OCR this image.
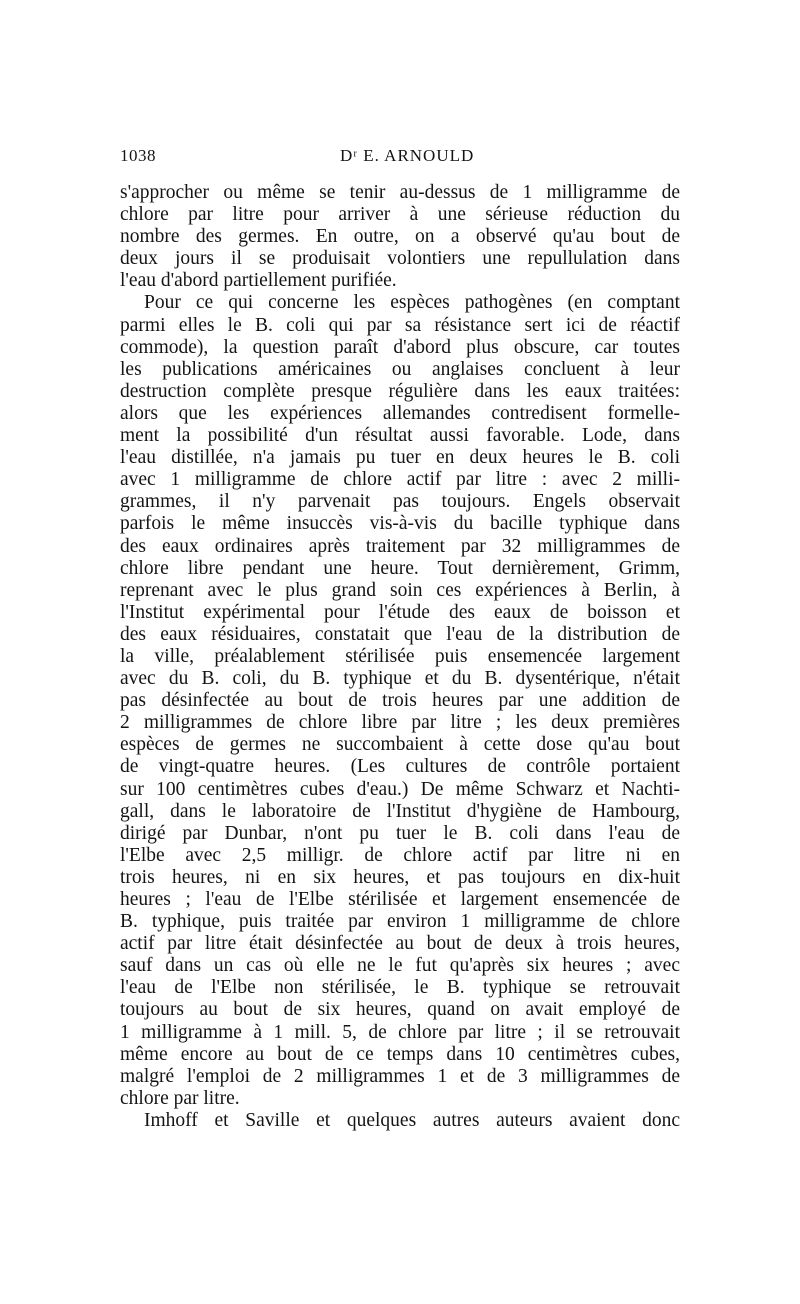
1038	Dʳ E. ARNOULD
s'approcher ou même se tenir au-dessus de 1 milligramme de
chlore par litre pour arriver à une sérieuse réduction du
nombre des germes. En outre, on a observé qu'au bout de
deux jours il se produisait volontiers une repullulation dans
l'eau d'abord partiellement purifiée.
Pour ce qui concerne les espèces pathogènes (en comptant
parmi elles le B. coli qui par sa résistance sert ici de réactif
commode), la question paraît d'abord plus obscure, car toutes
les publications américaines ou anglaises concluent à leur
destruction complète presque régulière dans les eaux traitées:
alors que les expériences allemandes contredisent formelle-
ment la possibilité d'un résultat aussi favorable. Lode, dans
l'eau distillée, n'a jamais pu tuer en deux heures le B. coli
avec 1 milligramme de chlore actif par litre : avec 2 milli-
grammes, il n'y parvenait pas toujours. Engels observait
parfois le même insuccès vis-à-vis du bacille typhique dans
des eaux ordinaires après traitement par 32 milligrammes de
chlore libre pendant une heure. Tout dernièrement, Grimm,
reprenant avec le plus grand soin ces expériences à Berlin, à
l'Institut expérimental pour l'étude des eaux de boisson et
des eaux résiduaires, constatait que l'eau de la distribution de
la ville, préalablement stérilisée puis ensemencée largement
avec du B. coli, du B. typhique et du B. dysentérique, n'était
pas désinfectée au bout de trois heures par une addition de
2 milligrammes de chlore libre par litre ; les deux premières
espèces de germes ne succombaient à cette dose qu'au bout
de vingt-quatre heures. (Les cultures de contrôle portaient
sur 100 centimètres cubes d'eau.) De même Schwarz et Nachti-
gall, dans le laboratoire de l'Institut d'hygiène de Hambourg,
dirigé par Dunbar, n'ont pu tuer le B. coli dans l'eau de
l'Elbe avec 2,5 milligr. de chlore actif par litre ni en
trois heures, ni en six heures, et pas toujours en dix-huit
heures ; l'eau de l'Elbe stérilisée et largement ensemencée de
B. typhique, puis traitée par environ 1 milligramme de chlore
actif par litre était désinfectée au bout de deux à trois heures,
sauf dans un cas où elle ne le fut qu'après six heures ; avec
l'eau de l'Elbe non stérilisée, le B. typhique se retrouvait
toujours au bout de six heures, quand on avait employé de
1 milligramme à 1 mill. 5, de chlore par litre ; il se retrouvait
même encore au bout de ce temps dans 10 centimètres cubes,
malgré l'emploi de 2 milligrammes 1 et de 3 milligrammes de
chlore par litre.
Imhoff et Saville et quelques autres auteurs avaient donc
